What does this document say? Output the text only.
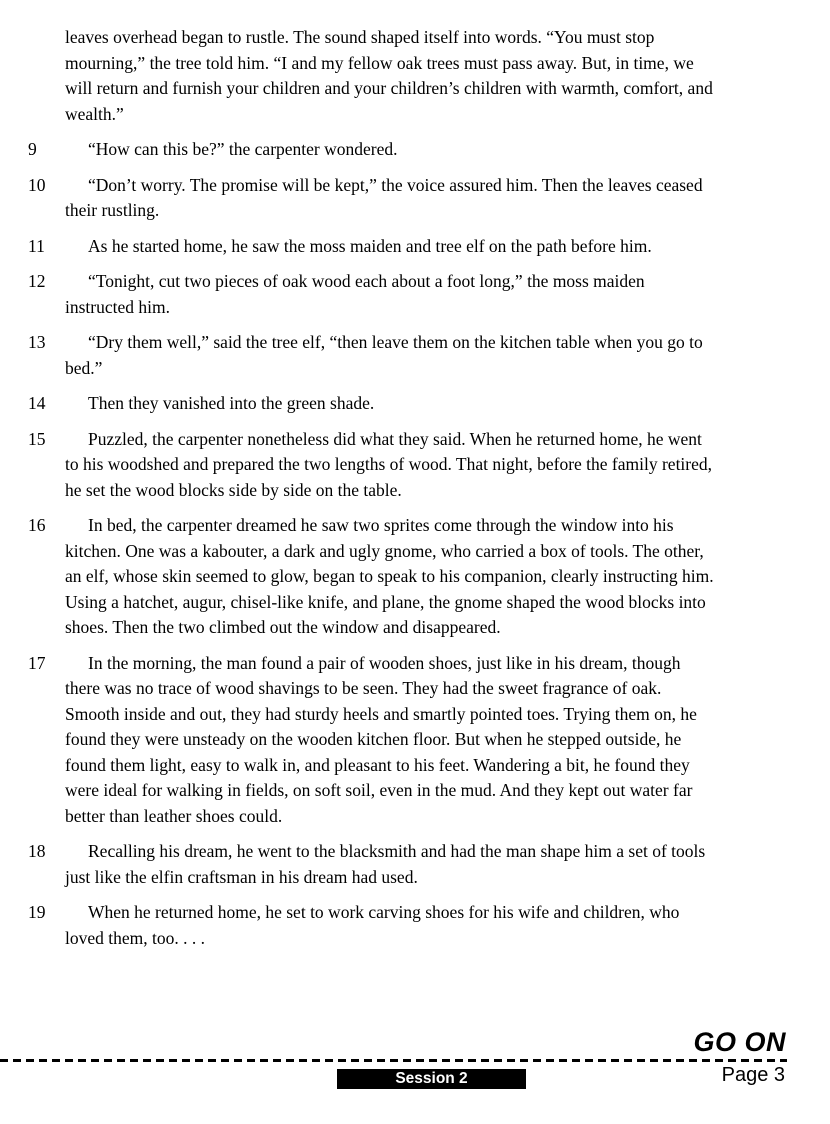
leaves overhead began to rustle. The sound shaped itself into words. “You must stop mourning,” the tree told him. “I and my fellow oak trees must pass away. But, in time, we will return and furnish your children and your children’s children with warmth, comfort, and wealth.”

9	“How can this be?” the carpenter wondered.

10	“Don’t worry. The promise will be kept,” the voice assured him. Then the leaves ceased their rustling.

11	As he started home, he saw the moss maiden and tree elf on the path before him.

12	“Tonight, cut two pieces of oak wood each about a foot long,” the moss maiden instructed him.

13	“Dry them well,” said the tree elf, “then leave them on the kitchen table when you go to bed.”

14	Then they vanished into the green shade.

15	Puzzled, the carpenter nonetheless did what they said. When he returned home, he went to his woodshed and prepared the two lengths of wood. That night, before the family retired, he set the wood blocks side by side on the table.

16	In bed, the carpenter dreamed he saw two sprites come through the window into his kitchen. One was a kabouter, a dark and ugly gnome, who carried a box of tools. The other, an elf, whose skin seemed to glow, began to speak to his companion, clearly instructing him. Using a hatchet, augur, chisel-like knife, and plane, the gnome shaped the wood blocks into shoes. Then the two climbed out the window and disappeared.

17	In the morning, the man found a pair of wooden shoes, just like in his dream, though there was no trace of wood shavings to be seen. They had the sweet fragrance of oak. Smooth inside and out, they had sturdy heels and smartly pointed toes. Trying them on, he found they were unsteady on the wooden kitchen floor. But when he stepped outside, he found them light, easy to walk in, and pleasant to his feet. Wandering a bit, he found they were ideal for walking in fields, on soft soil, even in the mud. And they kept out water far better than leather shoes could.

18	Recalling his dream, he went to the blacksmith and had the man shape him a set of tools just like the elfin craftsman in his dream had used.

19	When he returned home, he set to work carving shoes for his wife and children, who loved them, too. . . .

GO ON
Session 2	Page 3
